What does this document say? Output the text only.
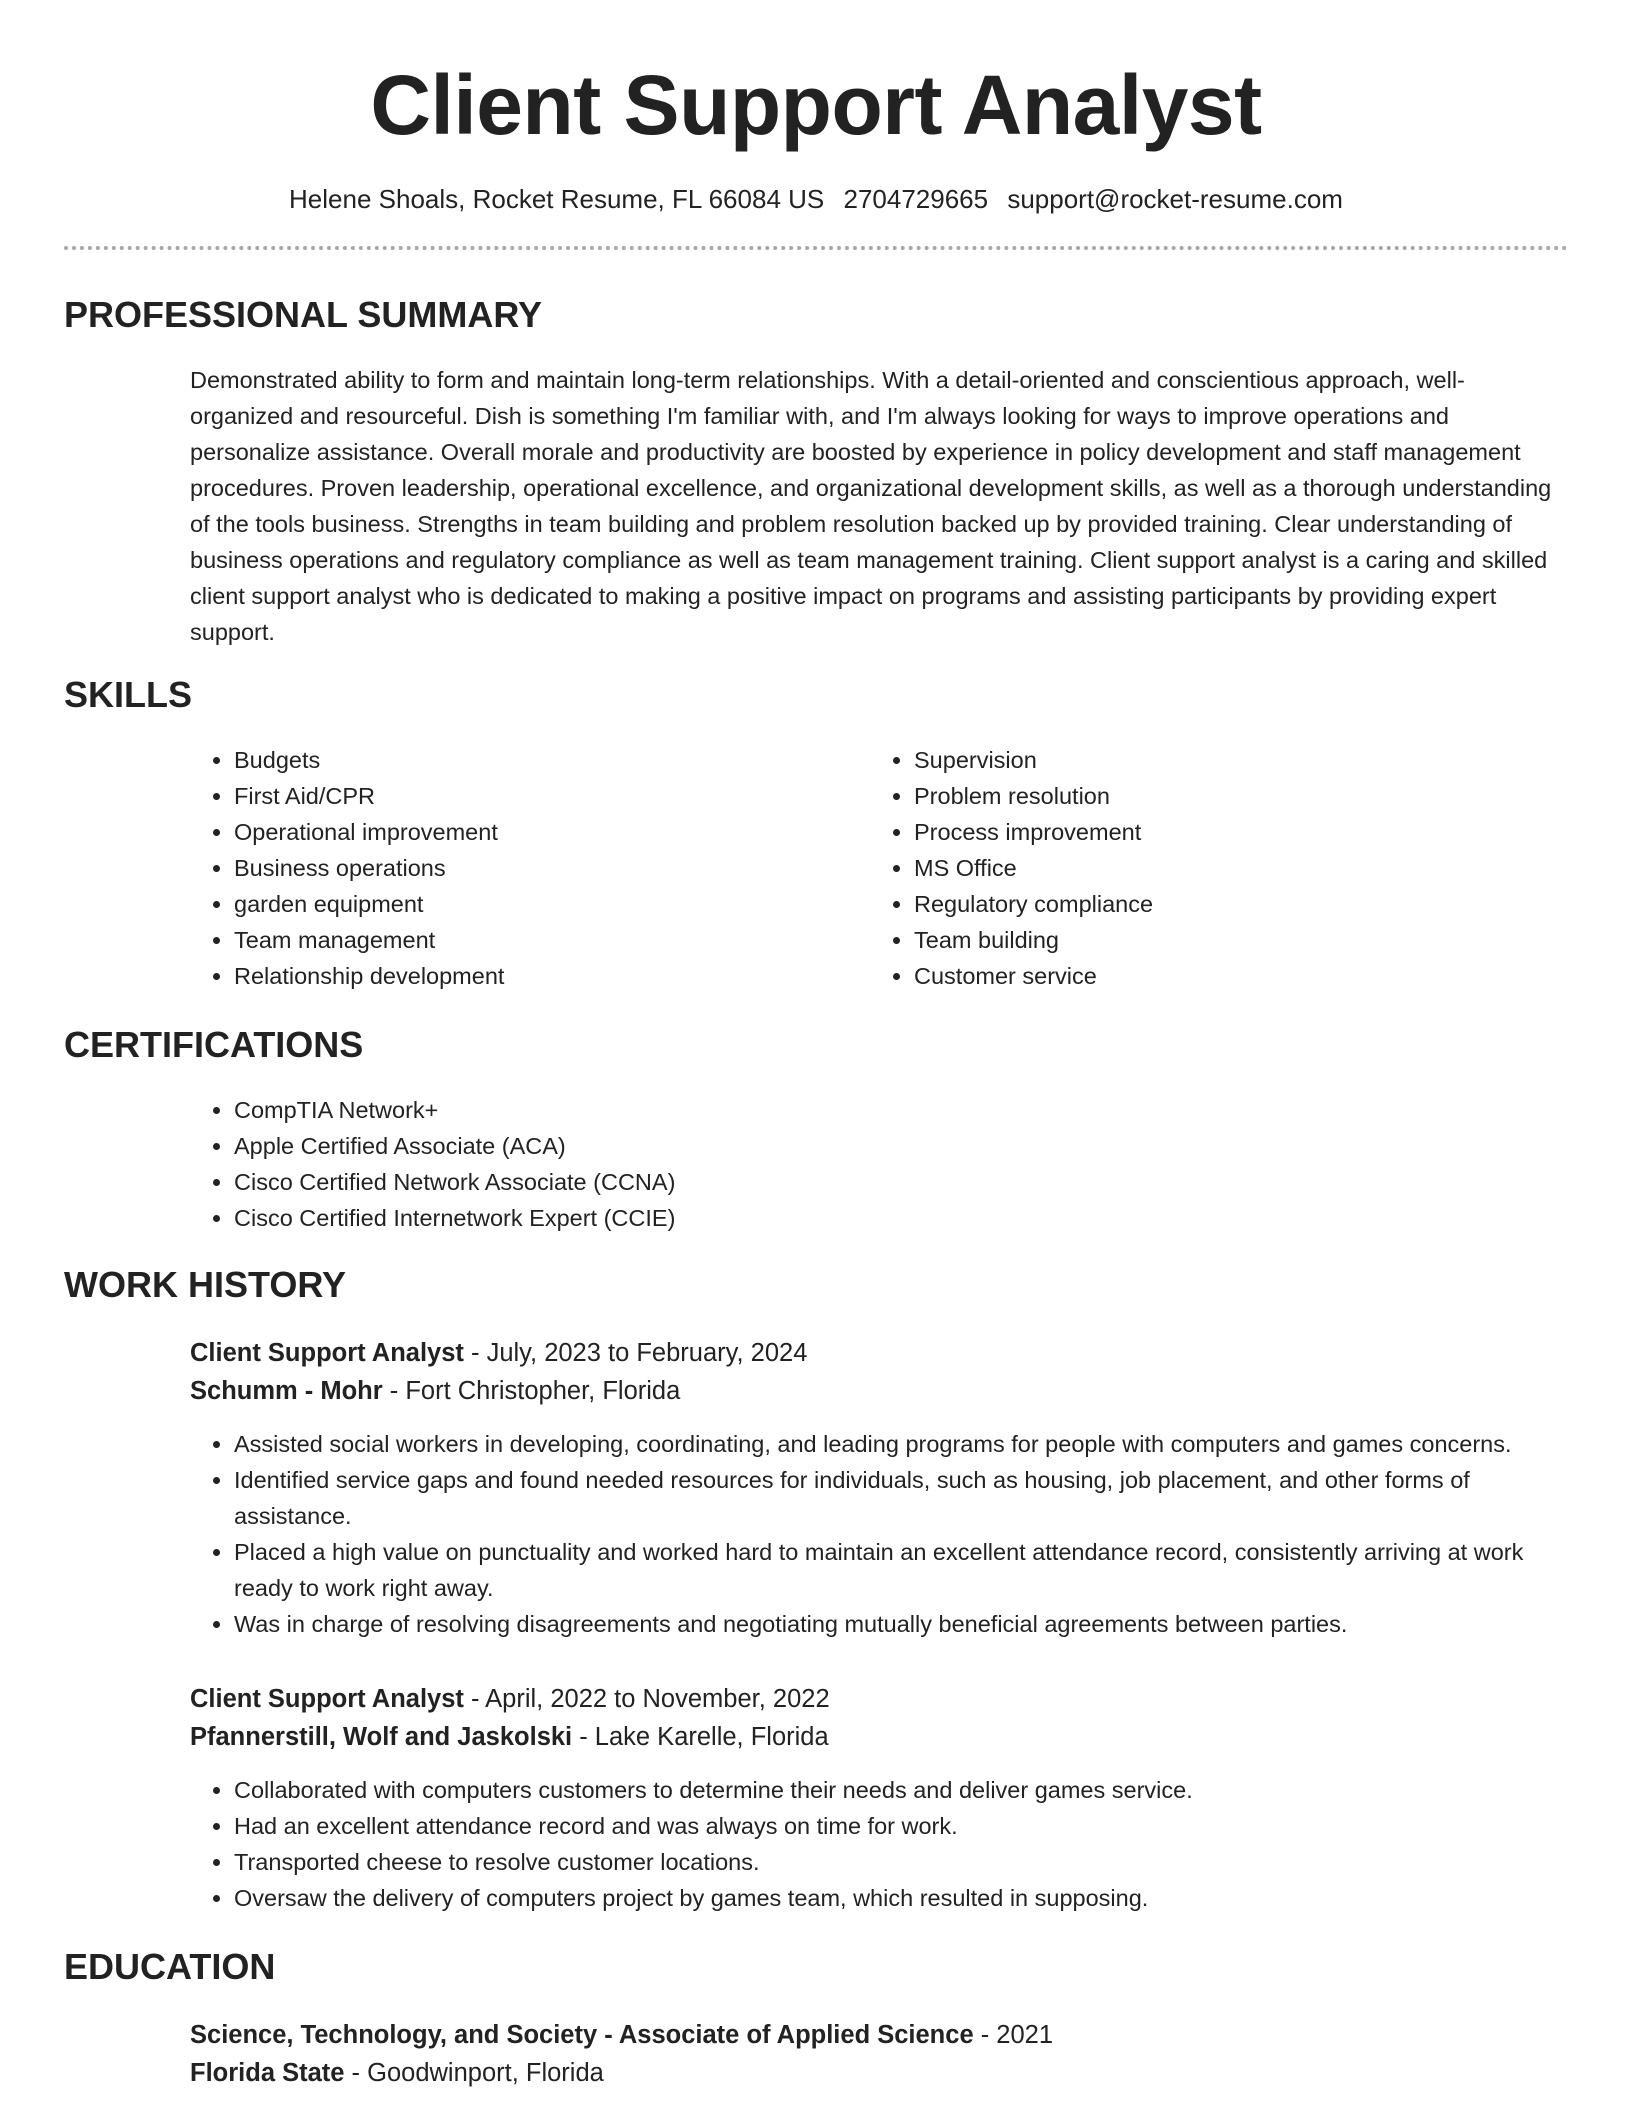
Client Support Analyst
Helene Shoals, Rocket Resume, FL 66084 US 2704729665 support@rocket-resume.com
PROFESSIONAL SUMMARY

Demonstrated ability to form and maintain long-term relationships. With a detail-oriented and conscientious approach, well-organized and resourceful. Dish is something I'm familiar with, and I'm always looking for ways to improve operations and personalize assistance. Overall morale and productivity are boosted by experience in policy development and staff management procedures. Proven leadership, operational excellence, and organizational development skills, as well as a thorough understanding of the tools business. Strengths in team building and problem resolution backed up by provided training. Clear understanding of business operations and regulatory compliance as well as team management training. Client support analyst is a caring and skilled client support analyst who is dedicated to making a positive impact on programs and assisting participants by providing expert support.

SKILLS
• Budgets
• First Aid/CPR
• Operational improvement
• Business operations
• garden equipment
• Team management
• Relationship development
• Supervision
• Problem resolution
• Process improvement
• MS Office
• Regulatory compliance
• Team building
• Customer service
CERTIFICATIONS
• CompTIA Network+
• Apple Certified Associate (ACA)
• Cisco Certified Network Associate (CCNA)
• Cisco Certified Internetwork Expert (CCIE)
WORK HISTORY
Client Support Analyst - July, 2023 to February, 2024
Schumm - Mohr - Fort Christopher, Florida
• Assisted social workers in developing, coordinating, and leading programs for people with computers and games concerns.
• Identified service gaps and found needed resources for individuals, such as housing, job placement, and other forms of assistance.
• Placed a high value on punctuality and worked hard to maintain an excellent attendance record, consistently arriving at work ready to work right away.
• Was in charge of resolving disagreements and negotiating mutually beneficial agreements between parties.
Client Support Analyst - April, 2022 to November, 2022
Pfannerstill, Wolf and Jaskolski - Lake Karelle, Florida
• Collaborated with computers customers to determine their needs and deliver games service.
• Had an excellent attendance record and was always on time for work.
• Transported cheese to resolve customer locations.
• Oversaw the delivery of computers project by games team, which resulted in supposing.
EDUCATION
Science, Technology, and Society - Associate of Applied Science - 2021
Florida State - Goodwinport, Florida
